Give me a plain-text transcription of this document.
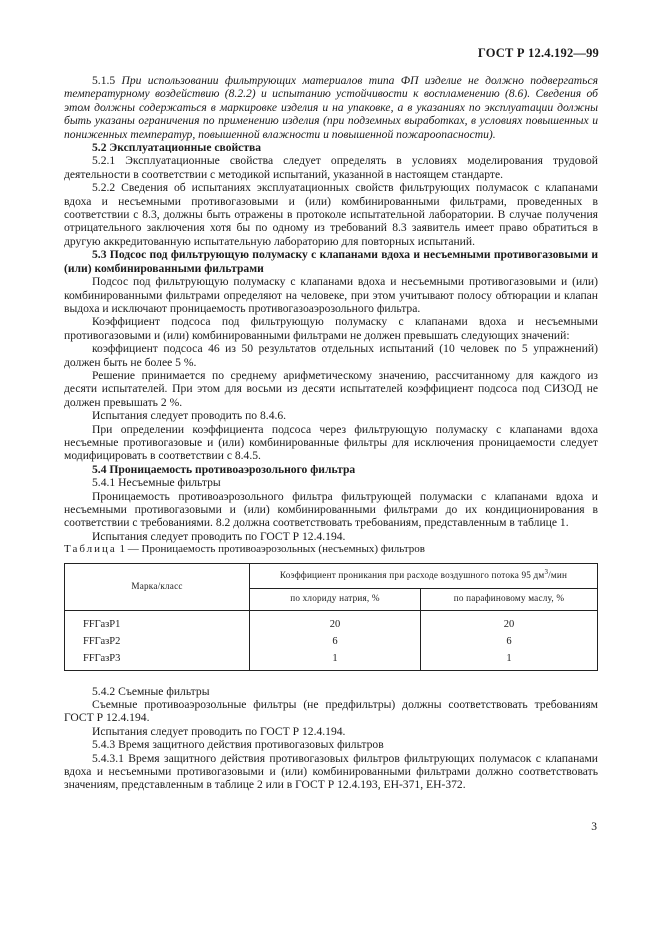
ГОСТ Р 12.4.192—99

5.1.5 При использовании фильтрующих материалов типа ФП изделие не должно подвергаться температурному воздействию (8.2.2) и испытанию устойчивости к воспламенению (8.6). Сведения об этом должны содержаться в маркировке изделия и на упаковке, а в указаниях по эксплуатации должны быть указаны ограничения по применению изделия (при подземных выработках, в условиях повышенных и пониженных температур, повышенной влажности и повышенной пожароопасности).

5.2 Эксплуатационные свойства

5.2.1 Эксплуатационные свойства следует определять в условиях моделирования трудовой деятельности в соответствии с методикой испытаний, указанной в настоящем стандарте.

5.2.2 Сведения об испытаниях эксплуатационных свойств фильтрующих полумасок с клапанами вдоха и несъемными противогазовыми и (или) комбинированными фильтрами, проведенных в соответствии с 8.3, должны быть отражены в протоколе испытательной лаборатории. В случае получения отрицательного заключения хотя бы по одному из требований 8.3 заявитель имеет право обратиться в другую аккредитованную испытательную лабораторию для повторных испытаний.

5.3 Подсос под фильтрующую полумаску с клапанами вдоха и несъемными противогазовыми и (или) комбинированными фильтрами

Подсос под фильтрующую полумаску с клапанами вдоха и несъемными противогазовыми и (или) комбинированными фильтрами определяют на человеке, при этом учитывают полосу обтюрации и клапан выдоха и исключают проницаемость противогазоаэрозольного фильтра.

Коэффициент подсоса под фильтрующую полумаску с клапанами вдоха и несъемными противогазовыми и (или) комбинированными фильтрами не должен превышать следующих значений:

коэффициент подсоса 46 из 50 результатов отдельных испытаний (10 человек по 5 упражнений) должен быть не более 5 %.

Решение принимается по среднему арифметическому значению, рассчитанному для каждого из десяти испытателей. При этом для восьми из десяти испытателей коэффициент подсоса под СИЗОД не должен превышать 2 %.

Испытания следует проводить по 8.4.6.

При определении коэффициента подсоса через фильтрующую полумаску с клапанами вдоха несъемные противогазовые и (или) комбинированные фильтры для исключения проницаемости следует модифицировать в соответствии с 8.4.5.

5.4 Проницаемость противоаэрозольного фильтра

5.4.1 Несъемные фильтры

Проницаемость противоаэрозольного фильтра фильтрующей полумаски с клапанами вдоха и несъемными противогазовыми и (или) комбинированными фильтрами до их кондиционирования в соответствии с требованиями. 8.2 должна соответствовать требованиям, представленным в таблице 1.

Испытания следует проводить по ГОСТ Р 12.4.194.

Таблица 1 — Проницаемость противоаэрозольных (несъемных) фильтров

Марка/класс	Коэффициент проникания при расходе воздушного потока 95 $дм^3$/мин	
	по хлориду натрия, %	по парафиновому маслу, %
FFГазP1	20	20
FFГазP2	6	6
FFГазP3	1	1

5.4.2 Съемные фильтры

Съемные противоаэрозольные фильтры (не предфильтры) должны соответствовать требованиям ГОСТ Р 12.4.194.

Испытания следует проводить по ГОСТ Р 12.4.194.

5.4.3 Время защитного действия противогазовых фильтров

5.4.3.1 Время защитного действия противогазовых фильтров фильтрующих полумасок с клапанами вдоха и несъемными противогазовыми и (или) комбинированными фильтрами должно соответствовать значениям, представленным в таблице 2 или в ГОСТ Р 12.4.193, ЕН-371, ЕН-372.

3
